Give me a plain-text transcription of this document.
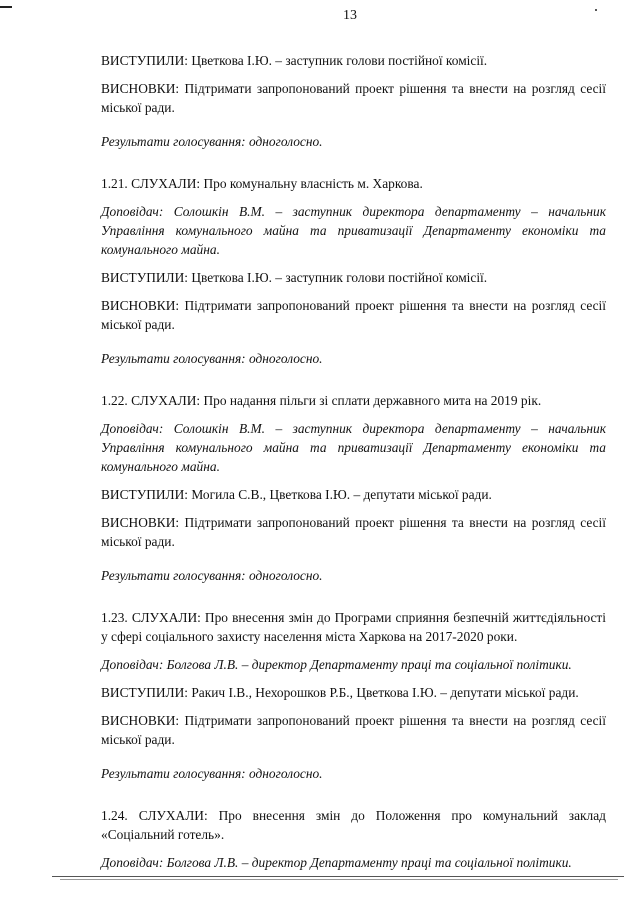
13

ВИСТУПИЛИ: Цветкова І.Ю. – заступник голови постійної комісії.

ВИСНОВКИ: Підтримати запропонований проект рішення та внести на розгляд сесії міської ради.

Результати голосування: одноголосно.

1.21. СЛУХАЛИ: Про комунальну власність м. Харкова.

Доповідач: Солошкін В.М. – заступник директора департаменту – начальник Управління комунального майна та приватизації Департаменту економіки та комунального майна.

ВИСТУПИЛИ: Цветкова І.Ю. – заступник голови постійної комісії.

ВИСНОВКИ: Підтримати запропонований проект рішення та внести на розгляд сесії міської ради.

Результати голосування: одноголосно.

1.22. СЛУХАЛИ: Про надання пільги зі сплати державного мита на 2019 рік.

Доповідач: Солошкін В.М. – заступник директора департаменту – начальник Управління комунального майна та приватизації Департаменту економіки та комунального майна.

ВИСТУПИЛИ: Могила С.В., Цветкова І.Ю. – депутати міської ради.

ВИСНОВКИ: Підтримати запропонований проект рішення та внести на розгляд сесії міської ради.

Результати голосування: одноголосно.

1.23. СЛУХАЛИ: Про внесення змін до Програми сприяння безпечній життєдіяльності у сфері соціального захисту населення міста Харкова на 2017-2020 роки.

Доповідач: Болгова Л.В. – директор Департаменту праці та соціальної політики.

ВИСТУПИЛИ: Ракич І.В., Нехорошков Р.Б., Цветкова І.Ю. – депутати міської ради.

ВИСНОВКИ: Підтримати запропонований проект рішення та внести на розгляд сесії міської ради.

Результати голосування: одноголосно.

1.24. СЛУХАЛИ: Про внесення змін до Положення про комунальний заклад «Соціальний готель».

Доповідач: Болгова Л.В. – директор Департаменту праці та соціальної політики.
